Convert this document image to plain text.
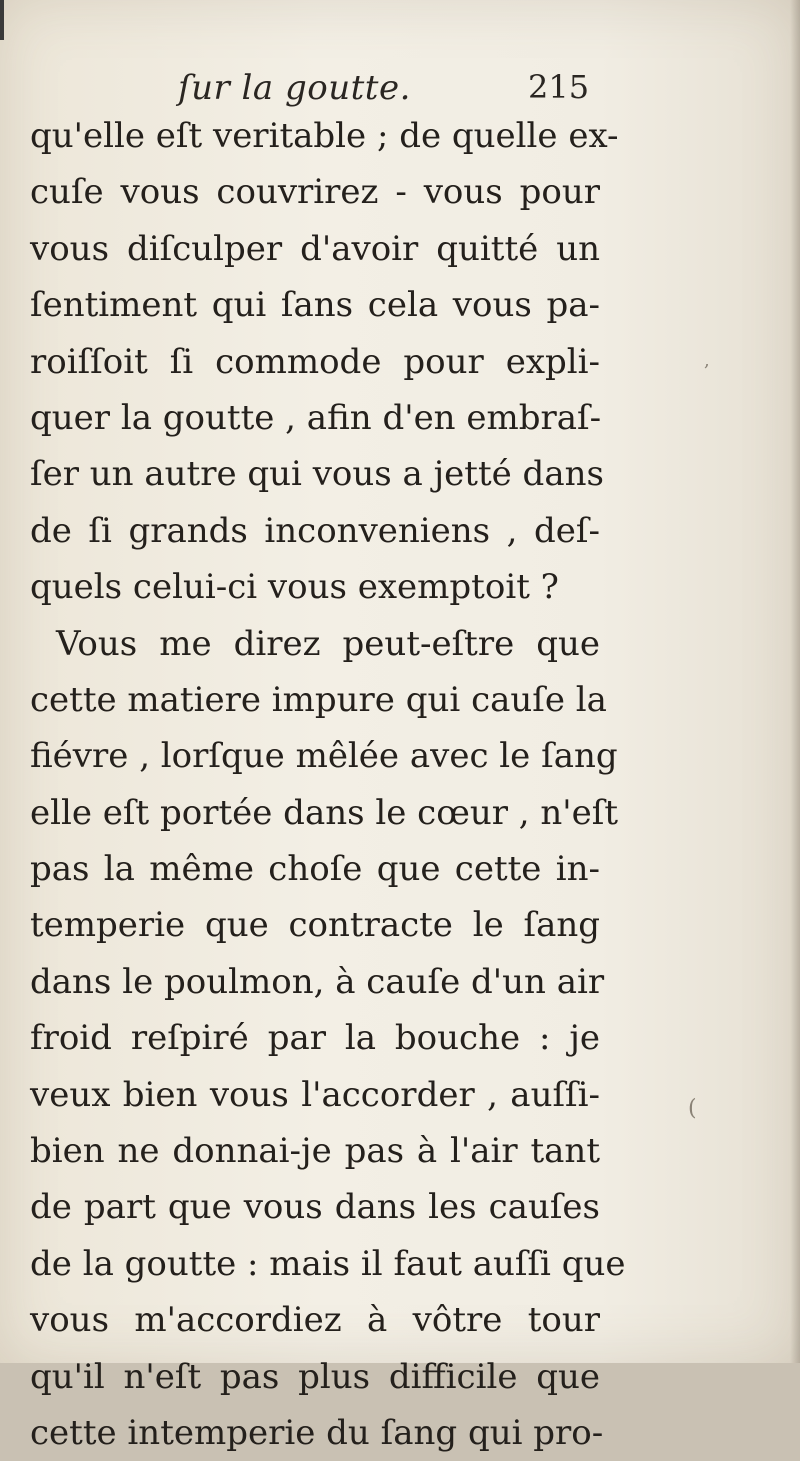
ſur la goutte.	215
qu'elle eſt veritable ; de quelle ex-
cuſe vous couvrirez - vous pour
vous diſculper d'avoir quitté un
ſentiment qui ſans cela vous pa-
roiſſoit ſi commode pour expli-
quer la goutte , afin d'en embraſ-
ſer un autre qui vous a jetté dans
de ſi grands inconveniens , deſ-
quels celui-ci vous exemptoit ?
Vous me direz peut-eſtre que
cette matiere impure qui cauſe la
fiévre , lorſque mêlée avec le ſang
elle eſt portée dans le cœur , n'eſt
pas la même choſe que cette in-
temperie que contracte le ſang
dans le poulmon, à cauſe d'un air
froid reſpiré par la bouche : je
veux bien vous l'accorder , auſſi-
bien ne donnai-je pas à l'air tant
de part que vous dans les cauſes
de la goutte : mais il faut auſſi que
vous m'accordiez à vôtre tour
qu'il n'eſt pas plus difficile que
cette intemperie du ſang qui pro-
,
(
